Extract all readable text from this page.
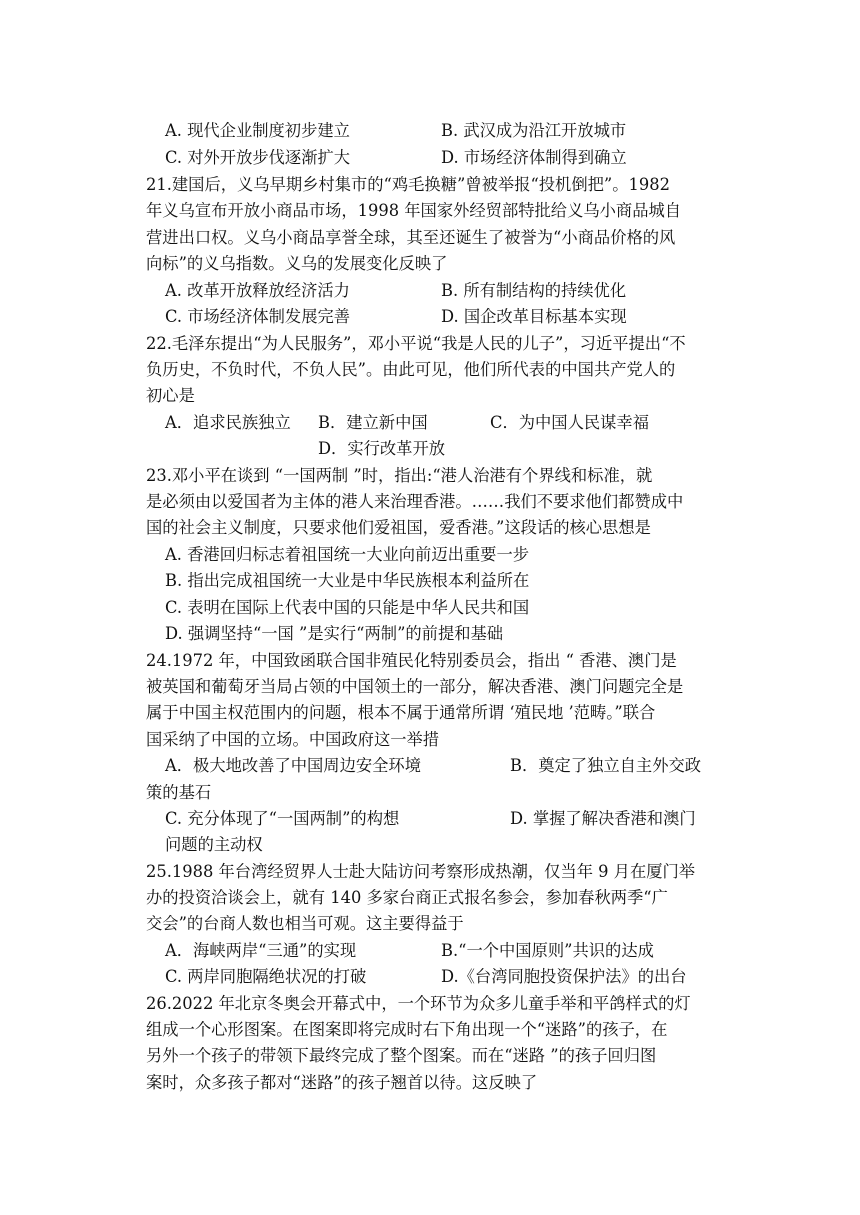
A. 现代企业制度初步建立	B. 武汉成为沿江开放城市
C. 对外开放步伐逐渐扩大	D. 市场经济体制得到确立
21.建国后，义乌早期乡村集市的“鸡毛换糖”曾被举报“投机倒把”。1982
年义乌宣布开放小商品市场，1998 年国家外经贸部特批给义乌小商品城自
营进出口权。义乌小商品享誉全球，其至还诞生了被誉为“小商品价格的风
向标”的义乌指数。义乌的发展变化反映了
A. 改革开放释放经济活力	B. 所有制结构的持续优化
C. 市场经济体制发展完善	D. 国企改革目标基本实现
22.毛泽东提出“为人民服务”，邓小平说“我是人民的儿子”，习近平提出“不
负历史，不负时代，不负人民”。由此可见，他们所代表的中国共产党人的
初心是
A．追求民族独立 B．建立新中国	C．为中国人民谋幸福
D．实行改革开放
23.邓小平在谈到 “一国两制 ”时，指出:“港人治港有个界线和标准，就
是必须由以爱国者为主体的港人来治理香港。……我们不要求他们都赞成中
国的社会主义制度，只要求他们爱祖国，爱香港。”这段话的核心思想是
A. 香港回归标志着祖国统一大业向前迈出重要一步
B. 指出完成祖国统一大业是中华民族根本利益所在
C. 表明在国际上代表中国的只能是中华人民共和国
D. 强调坚持“一国 ”是实行“两制”的前提和基础
24.1972 年，中国致函联合国非殖民化特别委员会，指出 “ 香港、澳门是
被英国和葡萄牙当局占领的中国领土的一部分，解决香港、澳门问题完全是
属于中国主权范围内的问题，根本不属于通常所谓 ‘殖民地 ’范畴。”联合
国采纳了中国的立场。中国政府这一举措
A．极大地改善了中国周边安全环境	B．奠定了独立自主外交政
策的基石
C. 充分体现了“一国两制”的构想	D. 掌握了解决香港和澳门
问题的主动权
25.1988 年台湾经贸界人士赴大陆访问考察形成热潮，仅当年 9 月在厦门举
办的投资洽谈会上，就有 140 多家台商正式报名参会，参加春秋两季“广
交会”的台商人数也相当可观。这主要得益于
A．海峡两岸“三通”的实现	B.“一个中国原则”共识的达成
C. 两岸同胞隔绝状况的打破	D.《台湾同胞投资保护法》的出台
26.2022 年北京冬奥会开幕式中，一个环节为众多儿童手举和平鸽样式的灯
组成一个心形图案。在图案即将完成时右下角出现一个“迷路”的孩子，在
另外一个孩子的带领下最终完成了整个图案。而在“迷路 ”的孩子回归图
案时，众多孩子都对“迷路”的孩子翘首以待。这反映了
